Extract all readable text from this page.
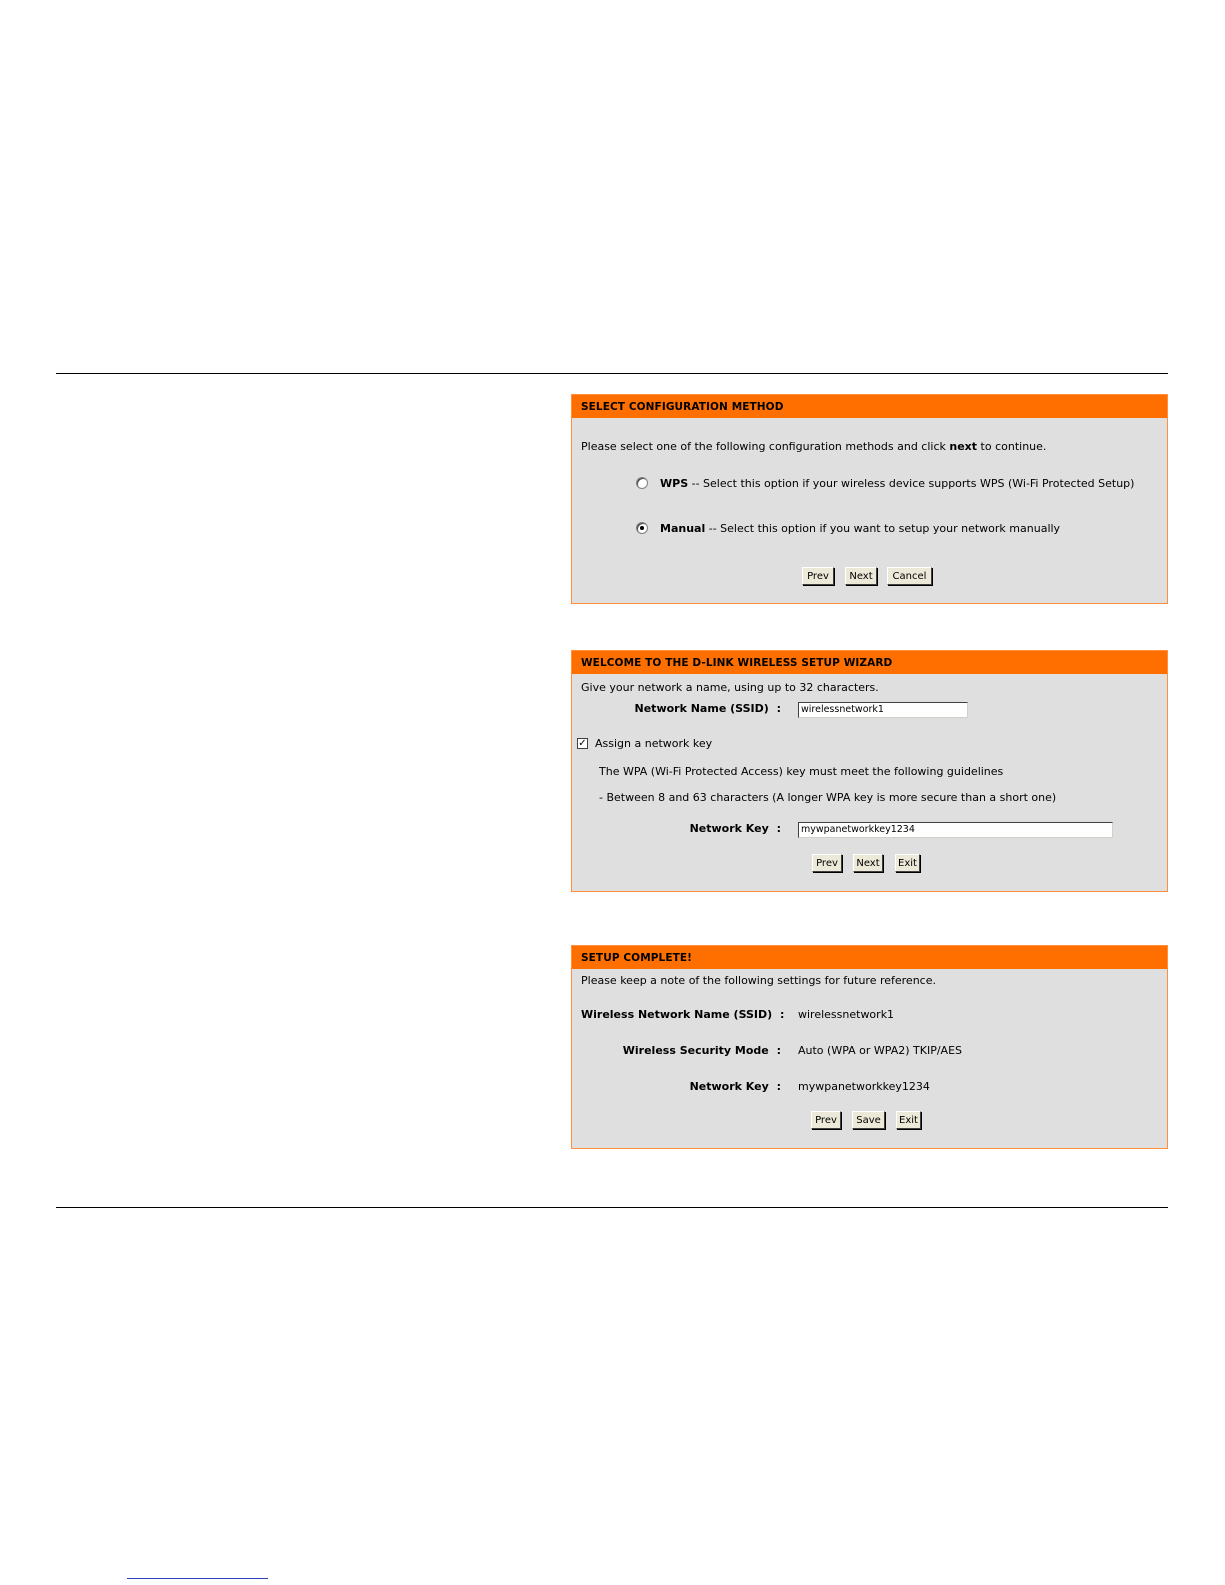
SELECT CONFIGURATION METHOD
Please select one of the following configuration methods and click next to continue.
WPS -- Select this option if your wireless device supports WPS (Wi-Fi Protected Setup)
Manual -- Select this option if you want to setup your network manually
Prev	Next	Cancel
WELCOME TO THE D-LINK WIRELESS SETUP WIZARD
Give your network a name, using up to 32 characters.
Network Name (SSID) :	wirelessnetwork1
✓ Assign a network key
The WPA (Wi-Fi Protected Access) key must meet the following guidelines
- Between 8 and 63 characters (A longer WPA key is more secure than a short one)
Network Key :	mywpanetworkkey1234
Prev	Next	Exit
SETUP COMPLETE!
Please keep a note of the following settings for future reference.
Wireless Network Name (SSID) : wirelessnetwork1
Wireless Security Mode : Auto (WPA or WPA2) TKIP/AES
Network Key : mywpanetworkkey1234
Prev	Save	Exit
